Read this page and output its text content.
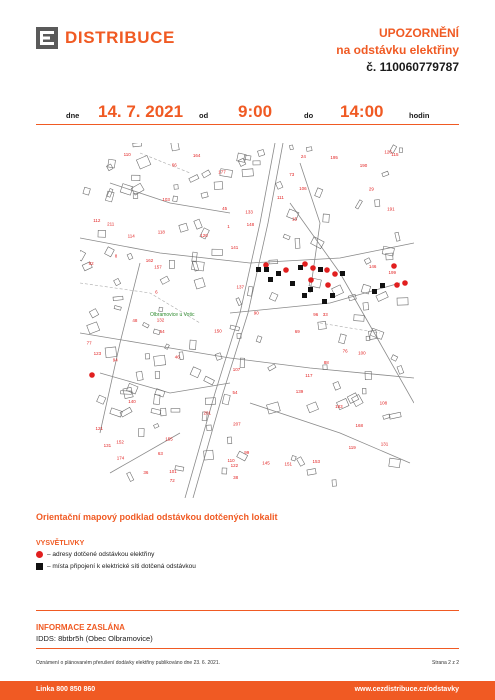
DISTRIBUCE	UPOZORNĚNÍ
na odstávku elektřiny
č. 110060779787
dne 14. 7. 2021 od 9:00	do 14:00	hodin
137
122
153
121
191
110
195
141
108
8
46
90
66
33
64	69
118
120
111
112
101
45
54
72
38
29
117
131
139
146
148
152
157
162
99
126
150
103
107
133
151
94
76
123
114
106
96
131
177
174
168
201
1
6
100
140
164
155
207
145
119
183
132
115
110
73
77
88
36
63
211
48
82
24
190
15
199
Olbramovice u Votic
Orientační mapový podklad odstávkou dotčených lokalit
VYSVĚTLIVKY
– adresy dotčené odstávkou elektřiny
– místa připojení k elektrické síti dotčená odstávkou
INFORMACE ZASLÁNA
IDDS: 8btbr5h (Obec Olbramovice)
Oznámení o plánovaném přerušení dodávky elektřiny publikováno dne 23. 6. 2021.	Strana 2 z 2
Linka 800 850 860	www.cezdistribuce.cz/odstavky
